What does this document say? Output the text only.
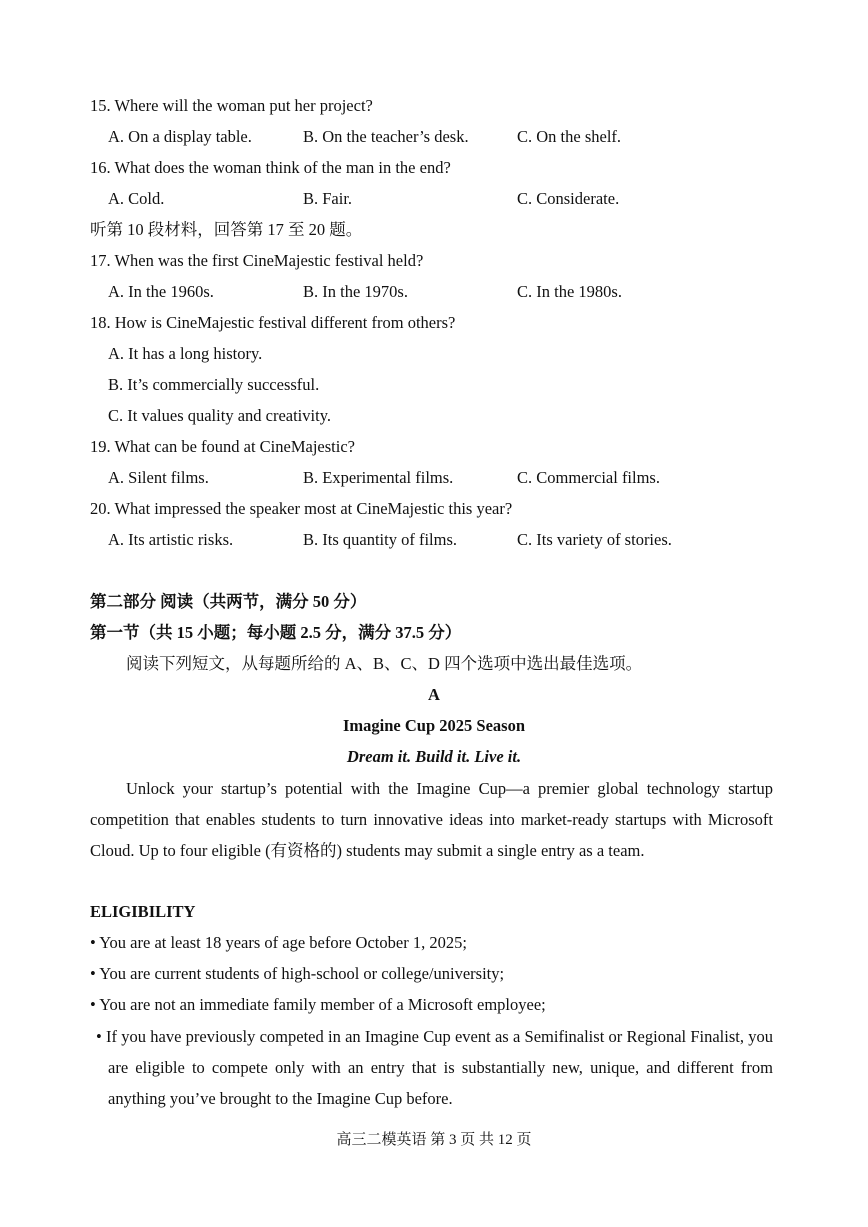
15. Where will the woman put her project?
A. On a display table.	B. On the teacher’s desk.	C. On the shelf.
16. What does the woman think of the man in the end?
A. Cold.	B. Fair.	C. Considerate.
听第 10 段材料，回答第 17 至 20 题。
17. When was the first CineMajestic festival held?
A. In the 1960s.	B. In the 1970s.	C. In the 1980s.
18. How is CineMajestic festival different from others?
A. It has a long history.
B. It’s commercially successful.
C. It values quality and creativity.
19. What can be found at CineMajestic?
A. Silent films.	B. Experimental films.	C. Commercial films.
20. What impressed the speaker most at CineMajestic this year?
A. Its artistic risks.	B. Its quantity of films.	C. Its variety of stories.
第二部分 阅读（共两节，满分 50 分）
第一节（共 15 小题；每小题 2.5 分，满分 37.5 分）
阅读下列短文，从每题所给的 A、B、C、D 四个选项中选出最佳选项。
A
Imagine Cup 2025 Season
Dream it. Build it. Live it.
Unlock your startup’s potential with the Imagine Cup—a premier global technology startup competition that enables students to turn innovative ideas into market-ready startups with Microsoft Cloud. Up to four eligible (有资格的) students may submit a single entry as a team.
ELIGIBILITY
• You are at least 18 years of age before October 1, 2025;
• You are current students of high-school or college/university;
• You are not an immediate family member of a Microsoft employee;
• If you have previously competed in an Imagine Cup event as a Semifinalist or Regional Finalist, you are eligible to compete only with an entry that is substantially new, unique, and different from anything you’ve brought to the Imagine Cup before.
高三二模英语 第 3 页 共 12 页
